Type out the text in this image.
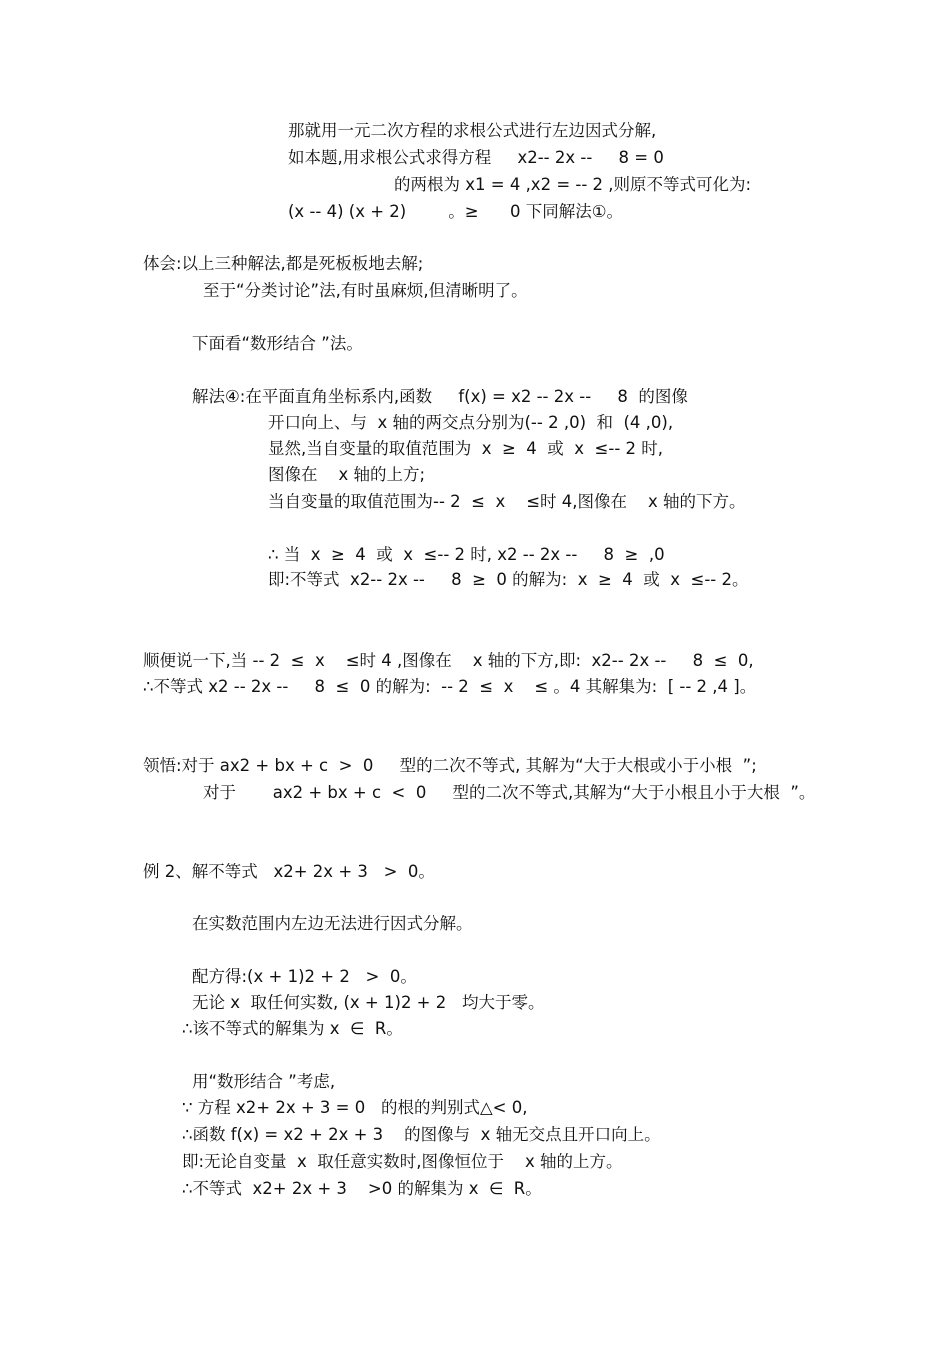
那就用一元二次方程的求根公式进行左边因式分解,
如本题,用求根公式求得方程     x2-- 2x --     8 = 0
的两根为 x1 = 4 ,x2 = -- 2 ,则原不等式可化为:
(x -- 4) (x + 2)        。≥      0 下同解法①。
体会:以上三种解法,都是死板板地去解;
至于“分类讨论”法,有时虽麻烦,但清晰明了。
下面看“数形结合 ”法。
解法④:在平面直角坐标系内,函数     f(x) = x2 -- 2x --     8  的图像
开口向上、与  x 轴的两交点分别为(-- 2 ,0)  和  (4 ,0),
显然,当自变量的取值范围为  x  ≥  4  或  x  ≤-- 2 时,
图像在    x 轴的上方;
当自变量的取值范围为-- 2  ≤  x    ≤时 4,图像在    x 轴的下方。
∴ 当  x  ≥  4  或  x  ≤-- 2 时, x2 -- 2x --     8  ≥  ,0
即:不等式  x2-- 2x --     8  ≥  0 的解为:  x  ≥  4  或  x  ≤-- 2。
顺便说一下,当 -- 2  ≤  x    ≤时 4 ,图像在    x 轴的下方,即:  x2-- 2x --     8  ≤  0,
∴不等式 x2 -- 2x --     8  ≤  0 的解为:  -- 2  ≤  x    ≤ 。4 其解集为:  [ -- 2 ,4 ]。
领悟:对于 ax2 + bx + c  >  0     型的二次不等式, 其解为“大于大根或小于小根  ”;
对于       ax2 + bx + c  <  0     型的二次不等式,其解为“大于小根且小于大根  ”。
例 2、解不等式   x2+ 2x + 3   >  0。
在实数范围内左边无法进行因式分解。
配方得:(x + 1)2 + 2   >  0。
无论 x  取任何实数, (x + 1)2 + 2   均大于零。
∴该不等式的解集为 x  ∈  R。
用“数形结合 ”考虑,
∵ 方程 x2+ 2x + 3 = 0   的根的判别式△< 0,
∴函数 f(x) = x2 + 2x + 3    的图像与  x 轴无交点且开口向上。
即:无论自变量  x  取任意实数时,图像恒位于    x 轴的上方。
∴不等式  x2+ 2x + 3    >0 的解集为 x  ∈  R。
